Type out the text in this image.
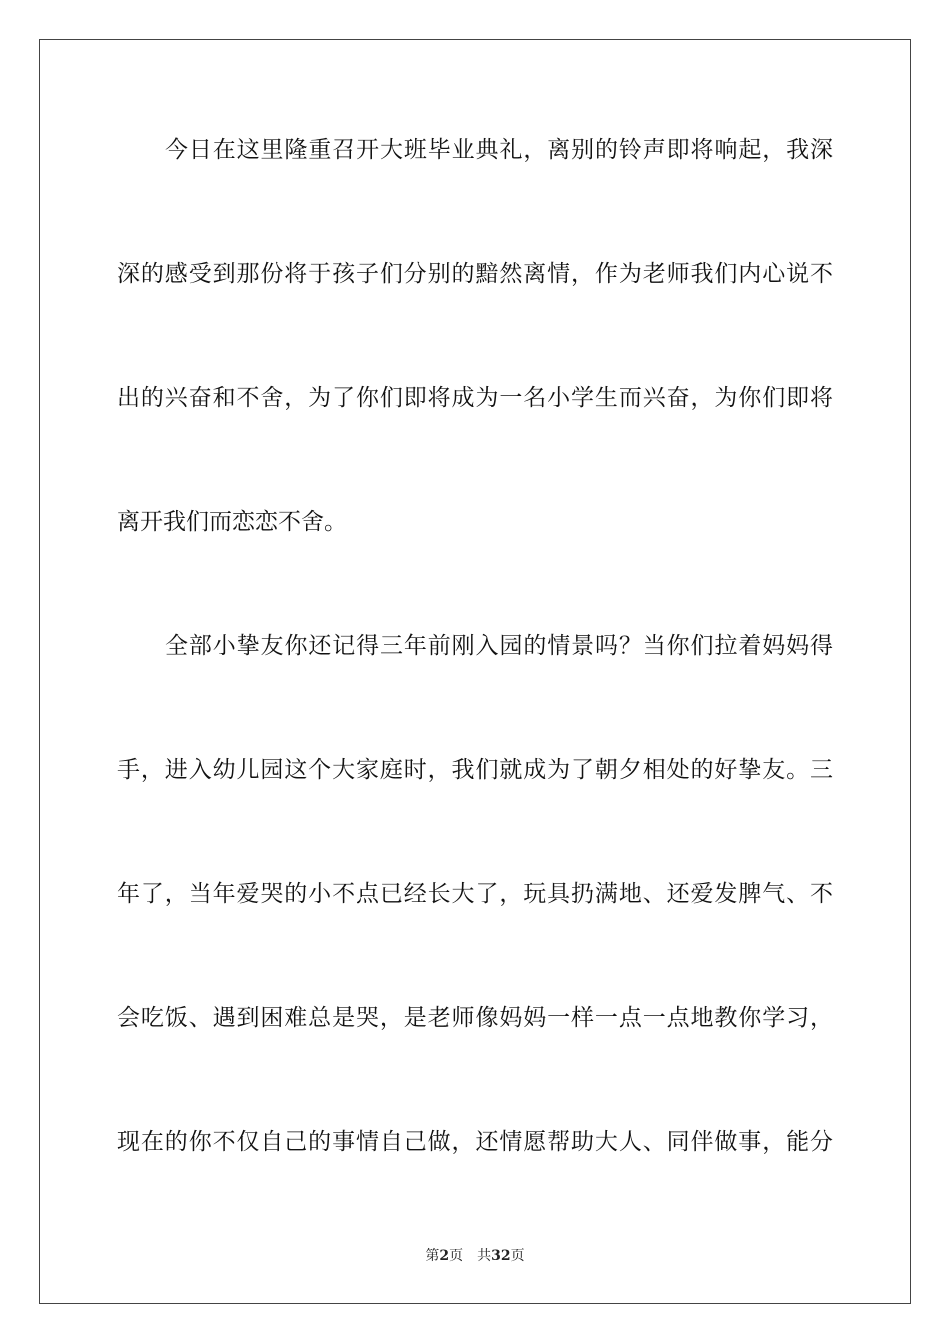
今日在这里隆重召开大班毕业典礼，离别的铃声即将响起，我深
深的感受到那份将于孩子们分别的黯然离情，作为老师我们内心说不
出的兴奋和不舍，为了你们即将成为一名小学生而兴奋，为你们即将
离开我们而恋恋不舍。
全部小挚友你还记得三年前刚入园的情景吗？当你们拉着妈妈得
手，进入幼儿园这个大家庭时，我们就成为了朝夕相处的好挚友。三
年了，当年爱哭的小不点已经长大了，玩具扔满地、还爱发脾气、不
会吃饭、遇到困难总是哭，是老师像妈妈一样一点一点地教你学习，
现在的你不仅自己的事情自己做，还情愿帮助大人、同伴做事，能分
第2页 共32页
